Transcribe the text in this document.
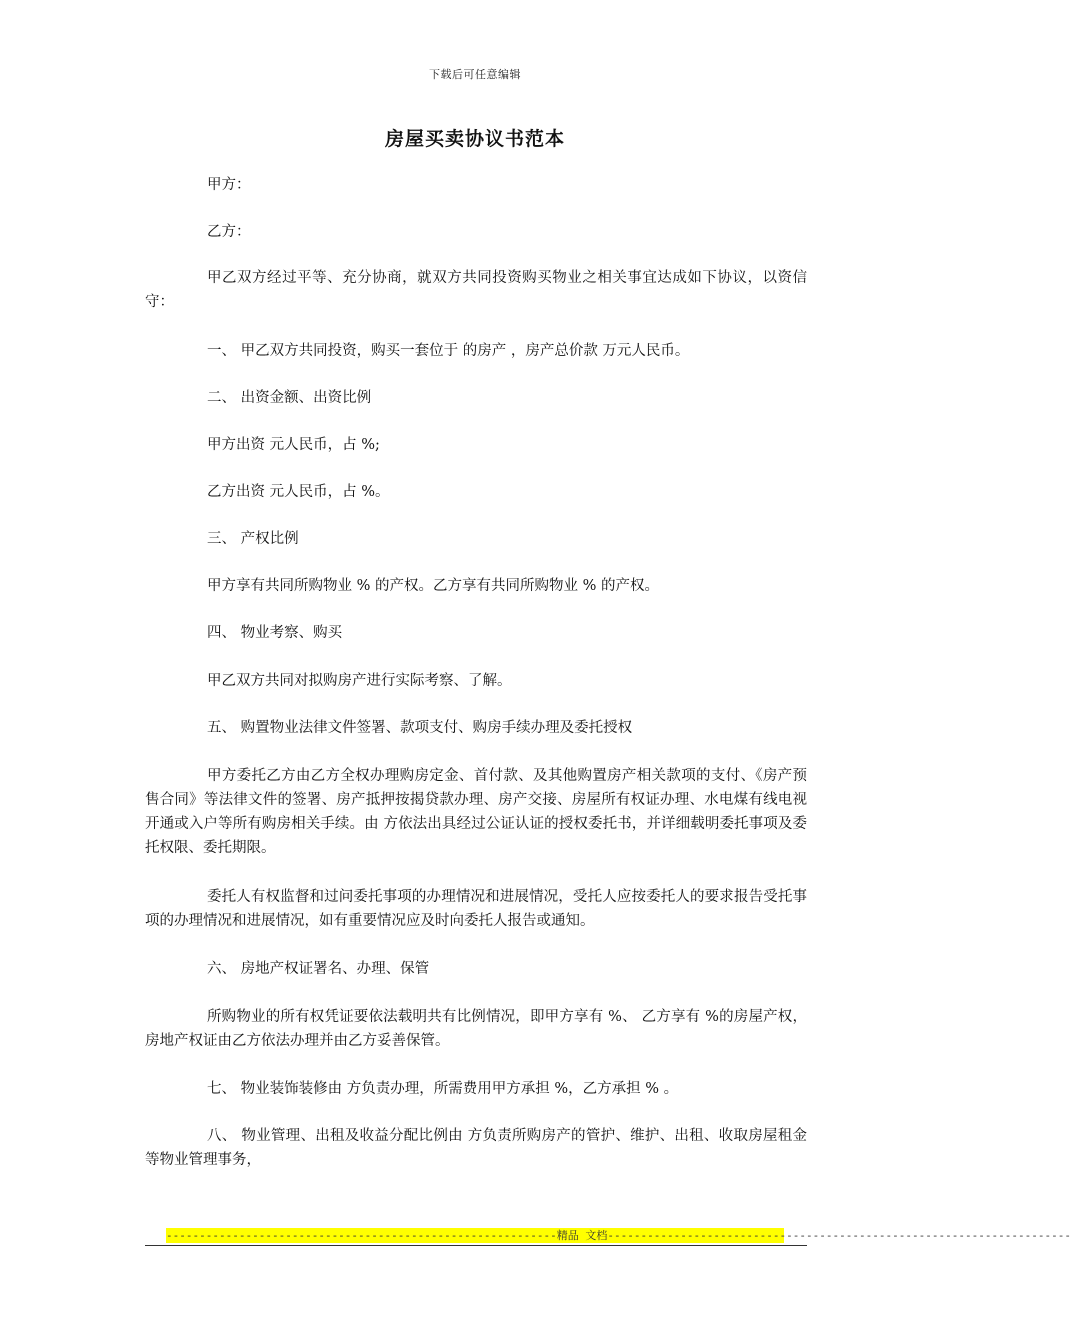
下载后可任意编辑
房屋买卖协议书范本

甲方：

乙方：

甲乙双方经过平等、充分协商，就双方共同投资购买物业之相关事宜达成如下协议，以资信守：

一、 甲乙双方共同投资，购买一套位于 的房产 ，房产总价款 万元人民币。

二、 出资金额、出资比例

甲方出资 元人民币，占 %;

乙方出资 元人民币，占 %。

三、 产权比例

甲方享有共同所购物业 % 的产权。乙方享有共同所购物业 % 的产权。

四、 物业考察、购买

甲乙双方共同对拟购房产进行实际考察、了解。

五、 购置物业法律文件签署、款项支付、购房手续办理及委托授权

甲方委托乙方由乙方全权办理购房定金、首付款、及其他购置房产相关款项的支付、《房产预售合同》等法律文件的签署、房产抵押按揭贷款办理、房产交接、房屋所有权证办理、水电煤有线电视开通或入户等所有购房相关手续。由 方依法出具经过公证认证的授权委托书，并详细载明委托事项及委托权限、委托期限。

委托人有权监督和过问委托事项的办理情况和进展情况，受托人应按委托人的要求报告受托事项的办理情况和进展情况，如有重要情况应及时向委托人报告或通知。

六、 房地产权证署名、办理、保管

所购物业的所有权凭证要依法载明共有比例情况，即甲方享有 %、 乙方享有 %的房屋产权，房地产权证由乙方依法办理并由乙方妥善保管。

七、 物业装饰装修由 方负责办理，所需费用甲方承担 %，乙方承担 % 。

八、 物业管理、出租及收益分配比例由 方负责所购房产的管护、维护、出租、收取房屋租金等物业管理事务，

-----------------------------------------------------------精品 文档----------------------------------------------------------------------
